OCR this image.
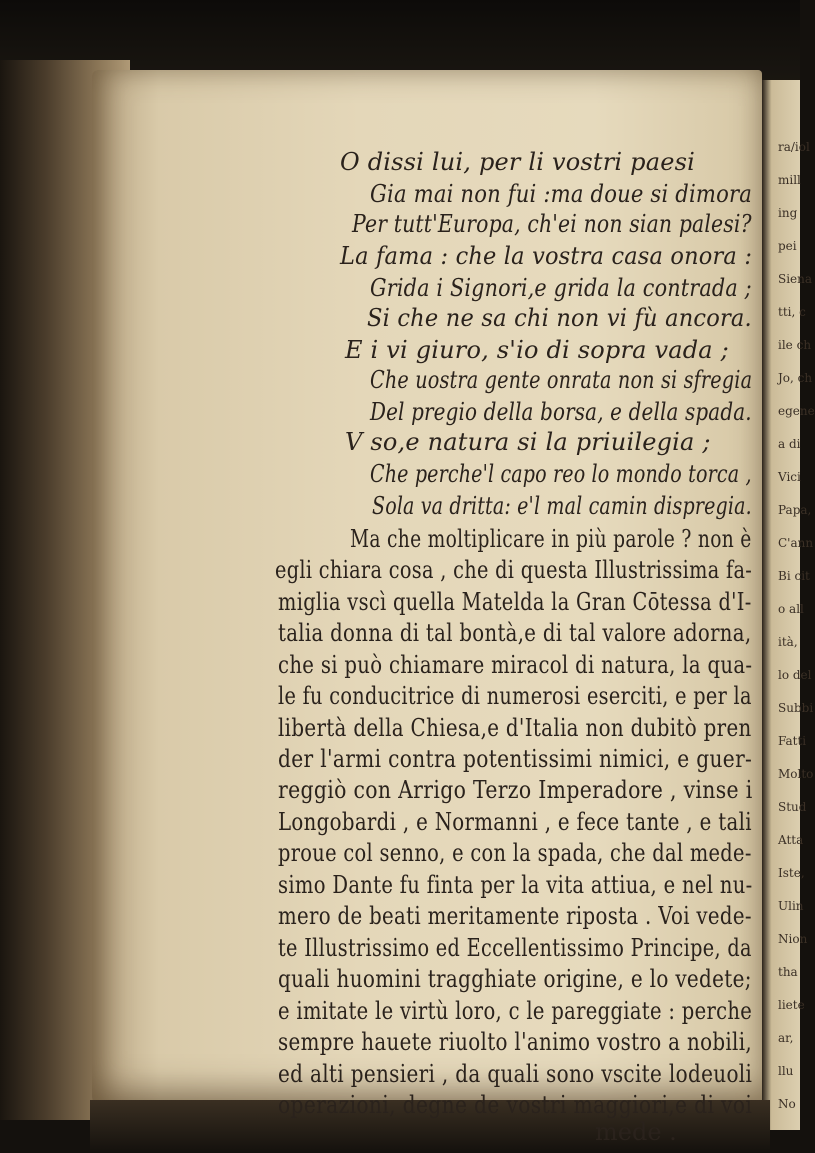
ra/iol
mill
ing
pei
Siena
tti, c
ile ch
Jo, ch
egene
a di
Vici
Papa,
C'ann
Bi cit
o all
ità,
lo del
Subbi
Fatti
Molto
Stud
Atta
Iste,
Ulin
Nion
tha
liete
ar,
llu
No
O dissi lui, per li vostri paesi
Gia mai non fui :ma doue si dimora
Per tutt'Europa, ch'ei non sian palesi?
La fama : che la vostra casa onora :
Grida i Signori,e grida la contrada ;
Si che ne sa chi non vi fù ancora.
E i vi giuro, s'io di sopra vada ;
Che uostra gente onrata non si sfregia
Del pregio della borsa, e della spada.
V so,e natura si la priuilegia ;
Che perche'l capo reo lo mondo torca ,
Sola va dritta: e'l mal camin dispregia.
Ma che moltiplicare in più parole ? non è
egli chiara cosa , che di questa Illustrissima fa-
miglia vscì quella Matelda la Gran Cōtessa d'I-
talia donna di tal bontà,e di tal valore adorna,
che si può chiamare miracol di natura, la qua-
le fu conducitrice di numerosi eserciti, e per la
libertà della Chiesa,e d'Italia non dubitò pren
der l'armi contra potentissimi nimici, e guer-
reggiò con Arrigo Terzo Imperadore , vinse i
Longobardi , e Normanni , e fece tante , e tali
proue col senno, e con la spada, che dal mede-
simo Dante fu finta per la vita attiua, e nel nu-
mero de beati meritamente riposta . Voi vede-
te Illustrissimo ed Eccellentissimo Principe, da
quali huomini tragghiate origine, e lo vedete;
e imitate le virtù loro, c le pareggiate : perche
sempre hauete riuolto l'animo vostro a nobili,
ed alti pensieri , da quali sono vscite lodeuoli
operazioni, degne de vostri maggiori,e di voi
mede .
